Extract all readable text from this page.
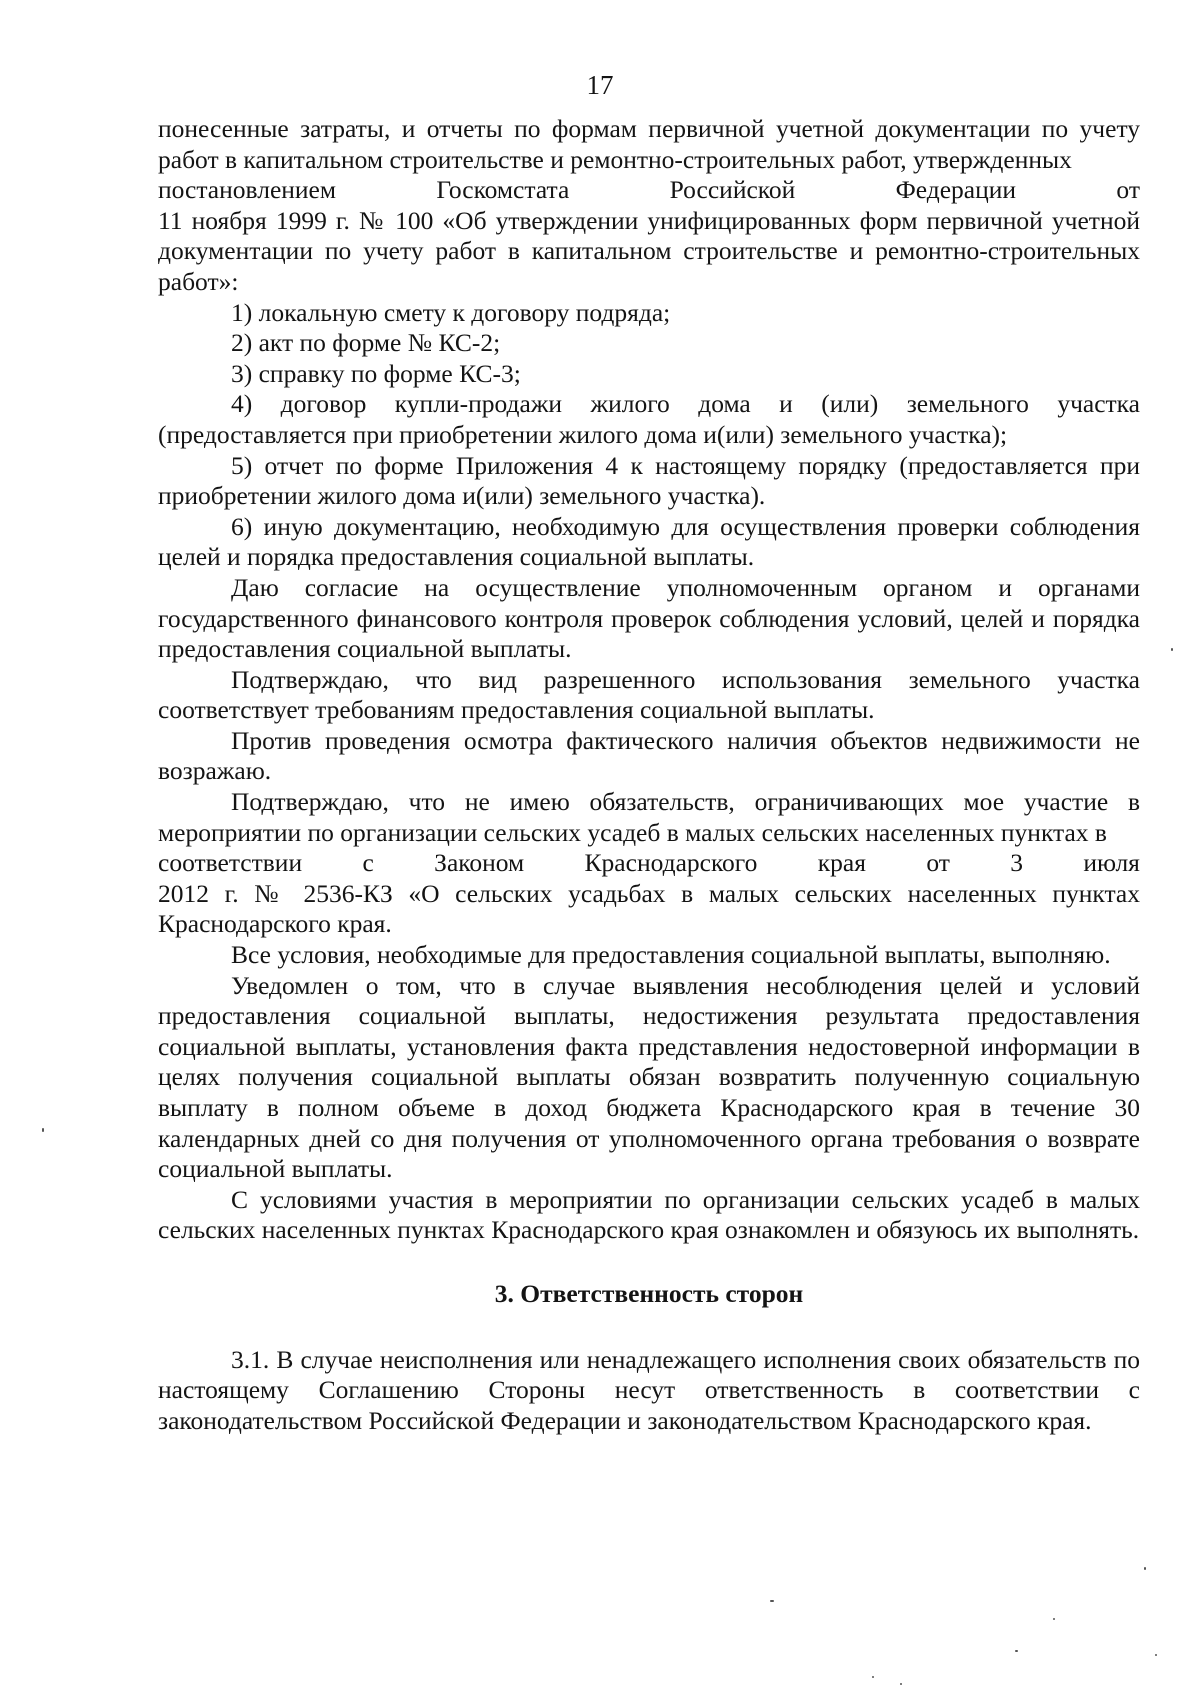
17

понесенные затраты, и отчеты по формам первичной учетной документации по учету работ в капитальном строительстве и ремонтно-строительных работ, утвержденных

постановлением	Госкомстата	Российской	Федерации	от

11 ноября 1999 г. № 100 «Об утверждении унифицированных форм первичной учетной документации по учету работ в капитальном строительстве и ремонтно-строительных работ»:

1) локальную смету к договору подряда;

2) акт по форме № КС-2;

3) справку по форме КС-3;

4) договор купли-продажи жилого дома и (или) земельного участка (предоставляется при приобретении жилого дома и(или) земельного участка);

5) отчет по форме Приложения 4 к настоящему порядку (предоставляется при приобретении жилого дома и(или) земельного участка).

6) иную документацию, необходимую для осуществления проверки соблюдения целей и порядка предоставления социальной выплаты.

Даю согласие на осуществление уполномоченным органом и органами государственного финансового контроля проверок соблюдения условий, целей и порядка предоставления социальной выплаты.

Подтверждаю, что вид разрешенного использования земельного участка соответствует требованиям предоставления социальной выплаты.

Против проведения осмотра фактического наличия объектов недвижимости не возражаю.

Подтверждаю, что не имею обязательств, ограничивающих мое участие в мероприятии по организации сельских усадеб в малых сельских населенных пунктах в

соответствии с Законом Краснодарского края от 3 июля

2012 г. № 2536-КЗ «О сельских усадьбах в малых сельских населенных пунктах Краснодарского края.

Все условия, необходимые для предоставления социальной выплаты, выполняю.

Уведомлен о том, что в случае выявления несоблюдения целей и условий предоставления социальной выплаты, недостижения результата предоставления социальной выплаты, установления факта представления недостоверной информации в целях получения социальной выплаты обязан возвратить полученную социальную выплату в полном объеме в доход бюджета Краснодарского края в течение 30 календарных дней со дня получения от уполномоченного органа требования о возврате социальной выплаты.

С условиями участия в мероприятии по организации сельских усадеб в малых сельских населенных пунктах Краснодарского края ознакомлен и обязуюсь их выполнять.

3. Ответственность сторон

3.1. В случае неисполнения или ненадлежащего исполнения своих обязательств по настоящему Соглашению Стороны несут ответственность в соответствии с законодательством Российской Федерации и законодательством Краснодарского края.
